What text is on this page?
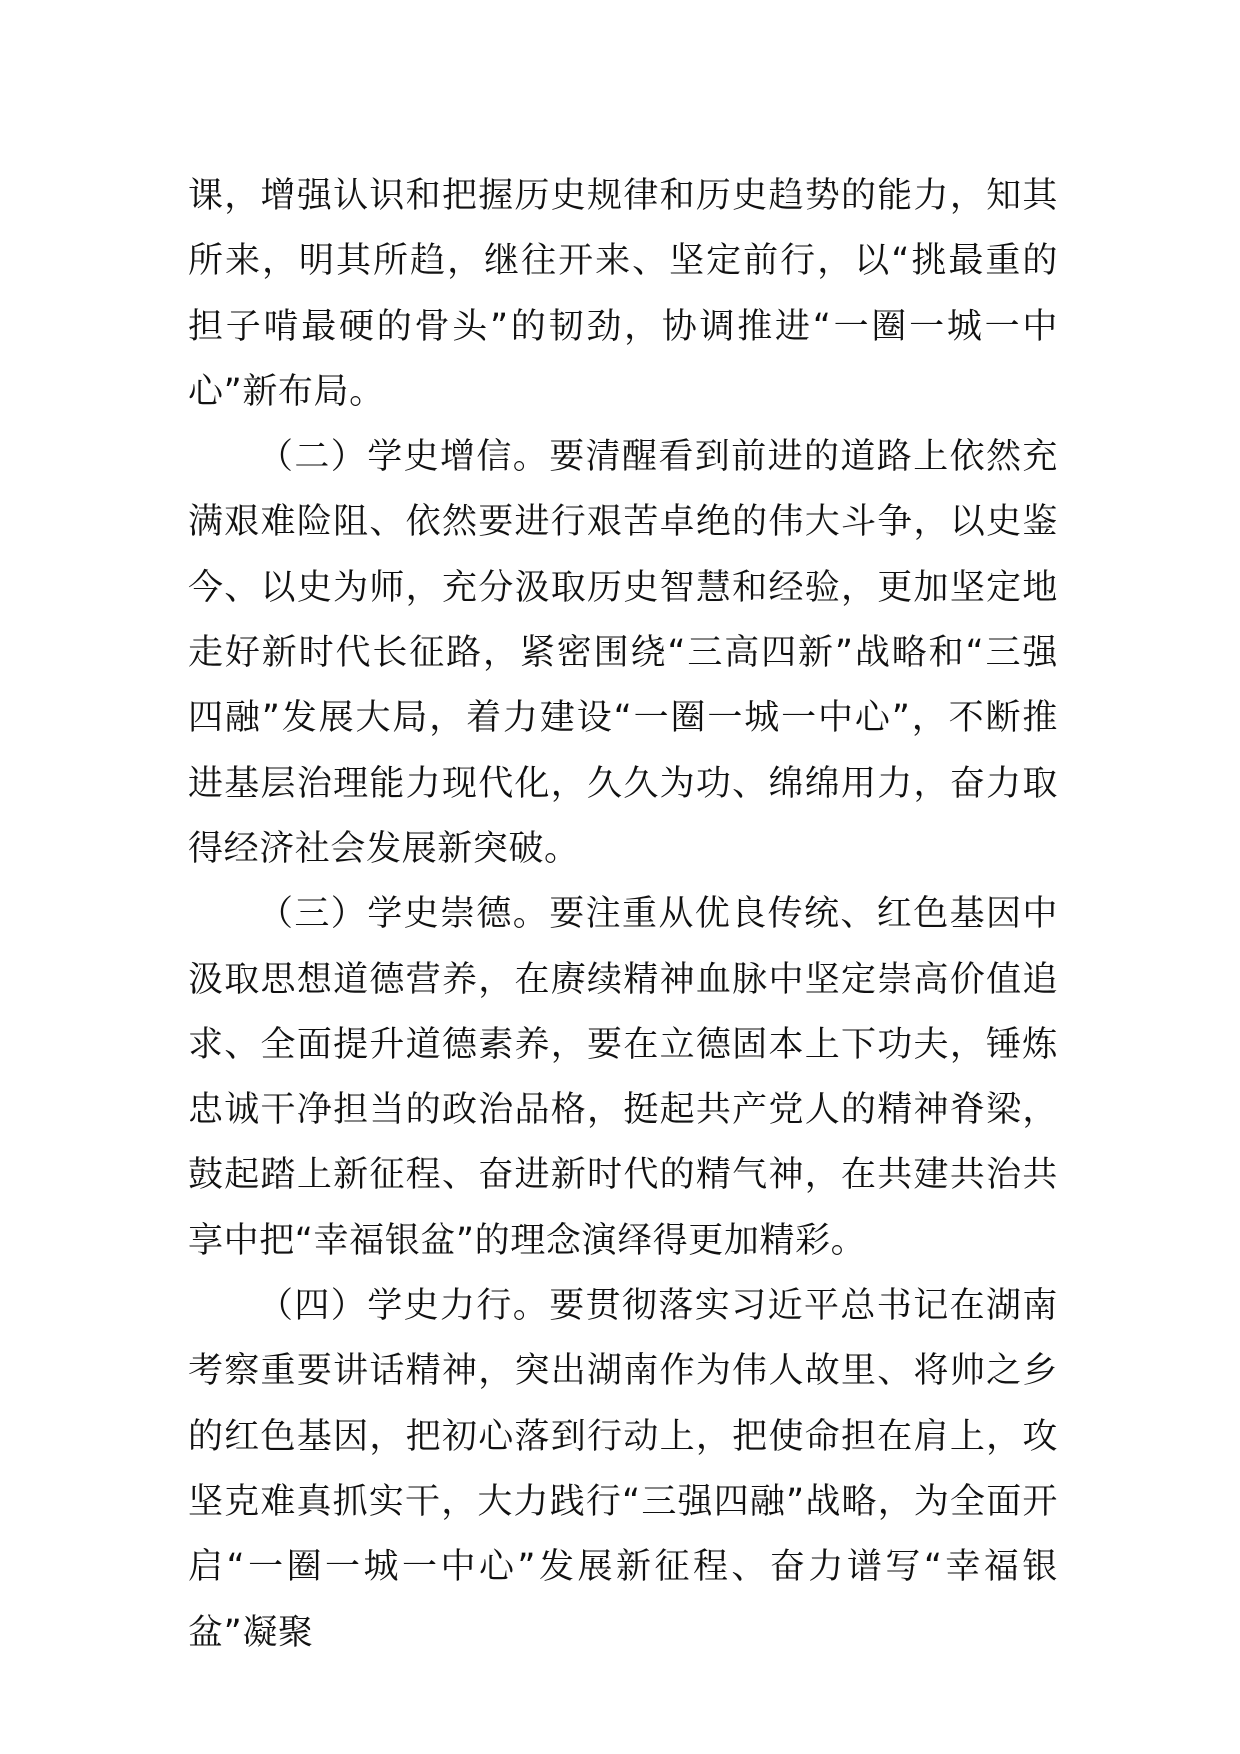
课，增强认识和把握历史规律和历史趋势的能力，知其所来，明其所趋，继往开来、坚定前行，以“挑最重的担子啃最硬的骨头”的韧劲，协调推进“一圈一城一中心”新布局。

（二）学史增信。要清醒看到前进的道路上依然充满艰难险阻、依然要进行艰苦卓绝的伟大斗争，以史鉴今、以史为师，充分汲取历史智慧和经验，更加坚定地走好新时代长征路，紧密围绕“三高四新”战略和“三强四融”发展大局，着力建设“一圈一城一中心”，不断推进基层治理能力现代化，久久为功、绵绵用力，奋力取得经济社会发展新突破。

（三）学史崇德。要注重从优良传统、红色基因中汲取思想道德营养，在赓续精神血脉中坚定崇高价值追求、全面提升道德素养，要在立德固本上下功夫，锤炼忠诚干净担当的政治品格，挺起共产党人的精神脊梁，鼓起踏上新征程、奋进新时代的精气神，在共建共治共享中把“幸福银盆”的理念演绎得更加精彩。

（四）学史力行。要贯彻落实习近平总书记在湖南考察重要讲话精神，突出湖南作为伟人故里、将帅之乡的红色基因，把初心落到行动上，把使命担在肩上，攻坚克难真抓实干，大力践行“三强四融”战略，为全面开启“一圈一城一中心”发展新征程、奋力谱写“幸福银盆”凝聚
